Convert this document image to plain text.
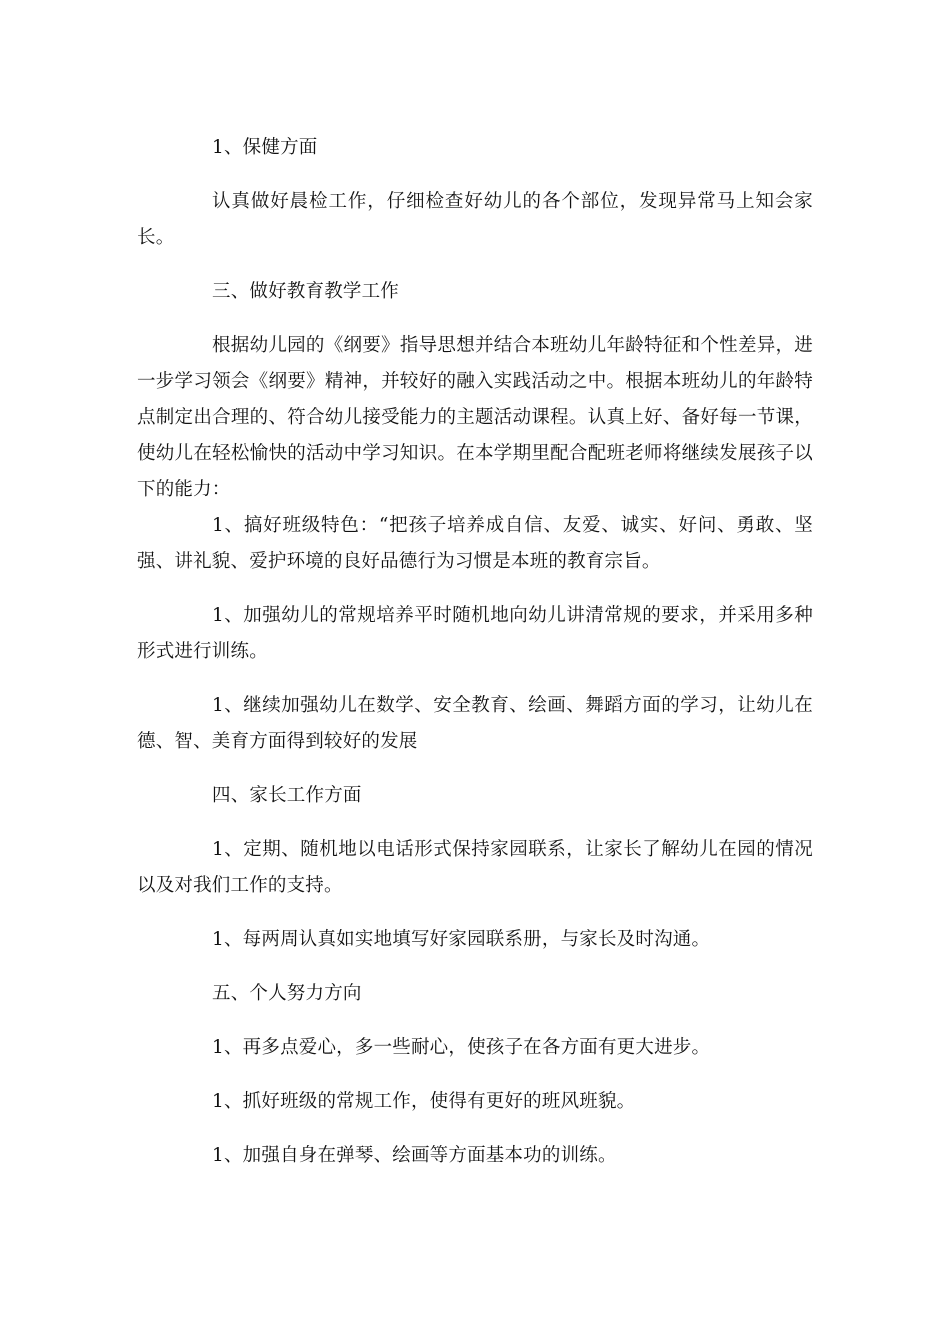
1、保健方面

认真做好晨检工作，仔细检查好幼儿的各个部位，发现异常马上知会家长。

三、做好教育教学工作

根据幼儿园的《纲要》指导思想并结合本班幼儿年龄特征和个性差异，进一步学习领会《纲要》精神，并较好的融入实践活动之中。根据本班幼儿的年龄特点制定出合理的、符合幼儿接受能力的主题活动课程。认真上好、备好每一节课，使幼儿在轻松愉快的活动中学习知识。在本学期里配合配班老师将继续发展孩子以下的能力：

1、搞好班级特色：“把孩子培养成自信、友爱、诚实、好问、勇敢、坚强、讲礼貌、爱护环境的良好品德行为习惯是本班的教育宗旨。

1、加强幼儿的常规培养平时随机地向幼儿讲清常规的要求，并采用多种形式进行训练。

1、继续加强幼儿在数学、安全教育、绘画、舞蹈方面的学习，让幼儿在德、智、美育方面得到较好的发展

四、家长工作方面

1、定期、随机地以电话形式保持家园联系，让家长了解幼儿在园的情况以及对我们工作的支持。

1、每两周认真如实地填写好家园联系册，与家长及时沟通。

五、个人努力方向

1、再多点爱心，多一些耐心，使孩子在各方面有更大进步。

1、抓好班级的常规工作，使得有更好的班风班貌。

1、加强自身在弹琴、绘画等方面基本功的训练。
